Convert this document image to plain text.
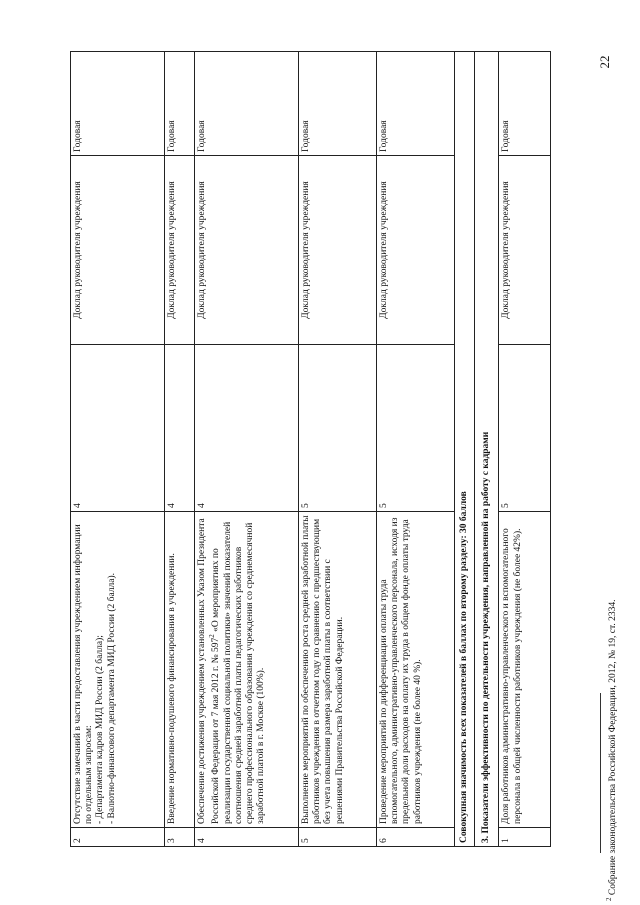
22
2	Отсутствие замечаний в части предоставления учреждением информации по отдельным запросам:
- Департамента кадров МИД России (2 балла);
- Валютно-финансового департамента МИД России (2 балла).	4	Доклад руководителя учреждения	Годовая
3	Введение нормативно-подушевого финансирования в учреждении.	4	Доклад руководителя учреждения	Годовая
4	Обеспечение достижения учреждением установленных Указом Президента Российской Федерации от 7 мая 2012 г. № $597^2$ «О мероприятиях по реализации государственной социальной политики» значений показателей соотношения средней заработной платы педагогических работников среднего профессионального образования учреждения со среднемесячной заработной платой в г. Москве (100%).	4	Доклад руководителя учреждения	Годовая
5	Выполнение мероприятий по обеспечению роста средней заработной платы работников учреждения в отчетном году по сравнению с предшествующим без учета повышения размера заработной платы в соответствии с решениями Правительства Российской Федерации.	5	Доклад руководителя учреждения	Годовая
6	Проведение мероприятий по дифференциации оплаты труда вспомогательного, административно-управленческого персонала, исходя из предельной доли расходов на оплату их труда в общем фонде оплаты труда работников учреждения (не более 40 %).	5	Доклад руководителя учреждения	Годовая
Совокупная значимость всех показателей в баллах по второму разделу: 30 баллов				
3. Показатели эффективности по деятельности учреждения, направленной на работу с кадрами				
1	Доля работников административно-управленческого и вспомогательного персонала в общей численности работников учреждения (не более 42%).	5	Доклад руководителя учреждения	Годовая
$^2$ Собрание законодательства Российской Федерации, 2012, № 19, ст. 2334.
